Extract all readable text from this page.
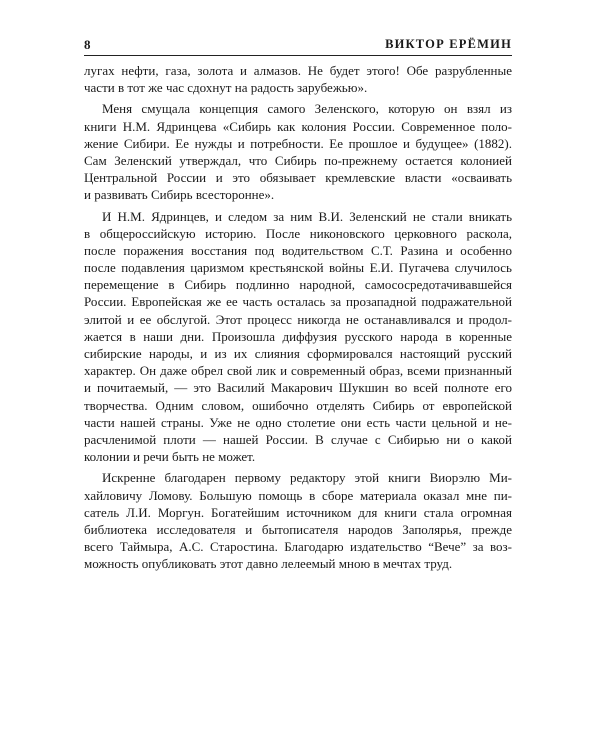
8	ВИКТОР ЕРЁМИН
лугах нефти, газа, золота и алмазов. Не будет этого! Обе разрубленные
части в тот же час сдохнут на радость зарубежью».
Меня смущала концепция самого Зеленского, которую он взял из
книги Н.М. Ядринцева «Сибирь как колония России. Современное поло-
жение Сибири. Ее нужды и потребности. Ее прошлое и будущее» (1882).
Сам Зеленский утверждал, что Сибирь по-прежнему остается колонией
Центральной России и это обязывает кремлевские власти «осваивать
и развивать Сибирь всесторонне».
И Н.М. Ядринцев, и следом за ним В.И. Зеленский не стали вникать
в общероссийскую историю. После никоновского церковного раскола,
после поражения восстания под водительством С.Т. Разина и особенно
после подавления царизмом крестьянской войны Е.И. Пугачева случилось
перемещение в Сибирь подлинно народной, самососредотачивавшейся
России. Европейская же ее часть осталась за прозападной подражательной
элитой и ее обслугой. Этот процесс никогда не останавливался и продол-
жается в наши дни. Произошла диффузия русского народа в коренные
сибирские народы, и из их слияния сформировался настоящий русский
характер. Он даже обрел свой лик и современный образ, всеми признанный
и почитаемый, — это Василий Макарович Шукшин во всей полноте его
творчества. Одним словом, ошибочно отделять Сибирь от европейской
части нашей страны. Уже не одно столетие они есть части цельной и не-
расчленимой плоти — нашей России. В случае с Сибирью ни о какой
колонии и речи быть не может.
Искренне благодарен первому редактору этой книги Виорэлю Ми-
хайловичу Ломову. Большую помощь в сборе материала оказал мне пи-
сатель Л.И. Моргун. Богатейшим источником для книги стала огромная
библиотека исследователя и бытописателя народов Заполярья, прежде
всего Таймыра, А.С. Старостина. Благодарю издательство “Вече” за воз-
можность опубликовать этот давно лелеемый мною в мечтах труд.
